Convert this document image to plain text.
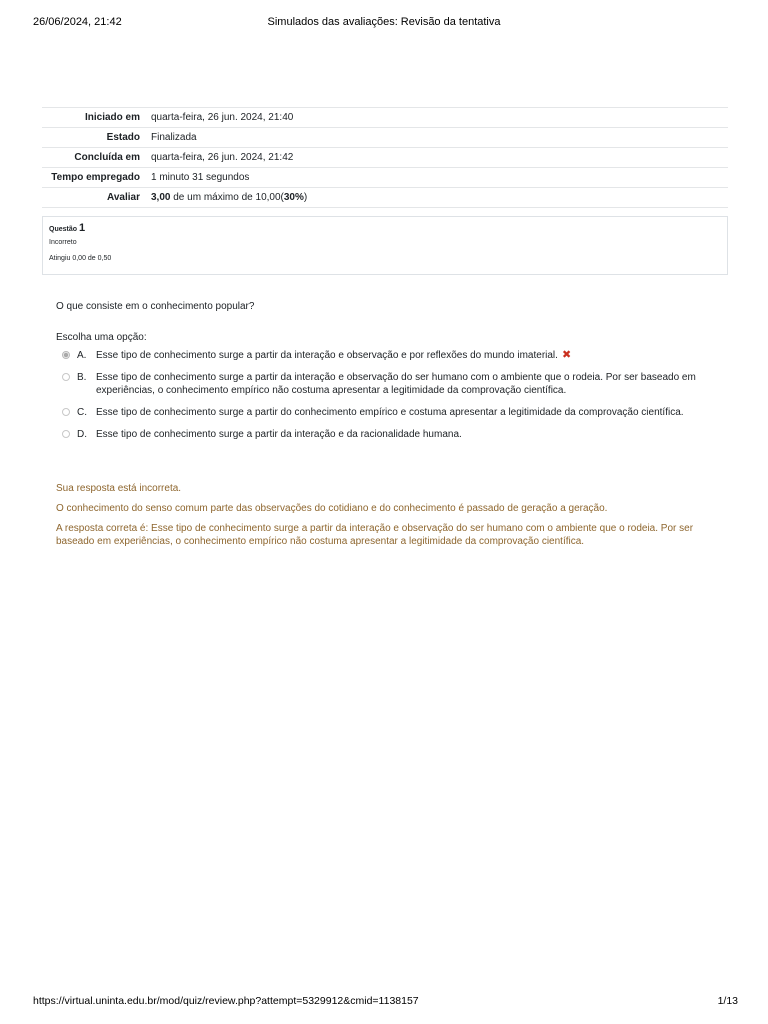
26/06/2024, 21:42	Simulados das avaliações: Revisão da tentativa
Iniciado em	quarta-feira, 26 jun. 2024, 21:40
Estado	Finalizada
Concluída em	quarta-feira, 26 jun. 2024, 21:42
Tempo empregado	1 minuto 31 segundos
Avaliar	3,00 de um máximo de 10,00(30%)
Questão 1
Incorreto
Atingiu 0,00 de 0,50

O que consiste em o conhecimento popular?

Escolha uma opção:

A. Esse tipo de conhecimento surge a partir da interação e observação e por reflexões do mundo imaterial. ✖
B. Esse tipo de conhecimento surge a partir da interação e observação do ser humano com o ambiente que o rodeia. Por ser baseado em experiências, o conhecimento empírico não costuma apresentar a legitimidade da comprovação científica.
C. Esse tipo de conhecimento surge a partir do conhecimento empírico e costuma apresentar a legitimidade da comprovação científica.
D. Esse tipo de conhecimento surge a partir da interação e da racionalidade humana.

Sua resposta está incorreta.

O conhecimento do senso comum parte das observações do cotidiano e do conhecimento é passado de geração a geração.

A resposta correta é: Esse tipo de conhecimento surge a partir da interação e observação do ser humano com o ambiente que o rodeia. Por ser baseado em experiências, o conhecimento empírico não costuma apresentar a legitimidade da comprovação científica.

https://virtual.uninta.edu.br/mod/quiz/review.php?attempt=5329912&cmid=1138157	1/13
